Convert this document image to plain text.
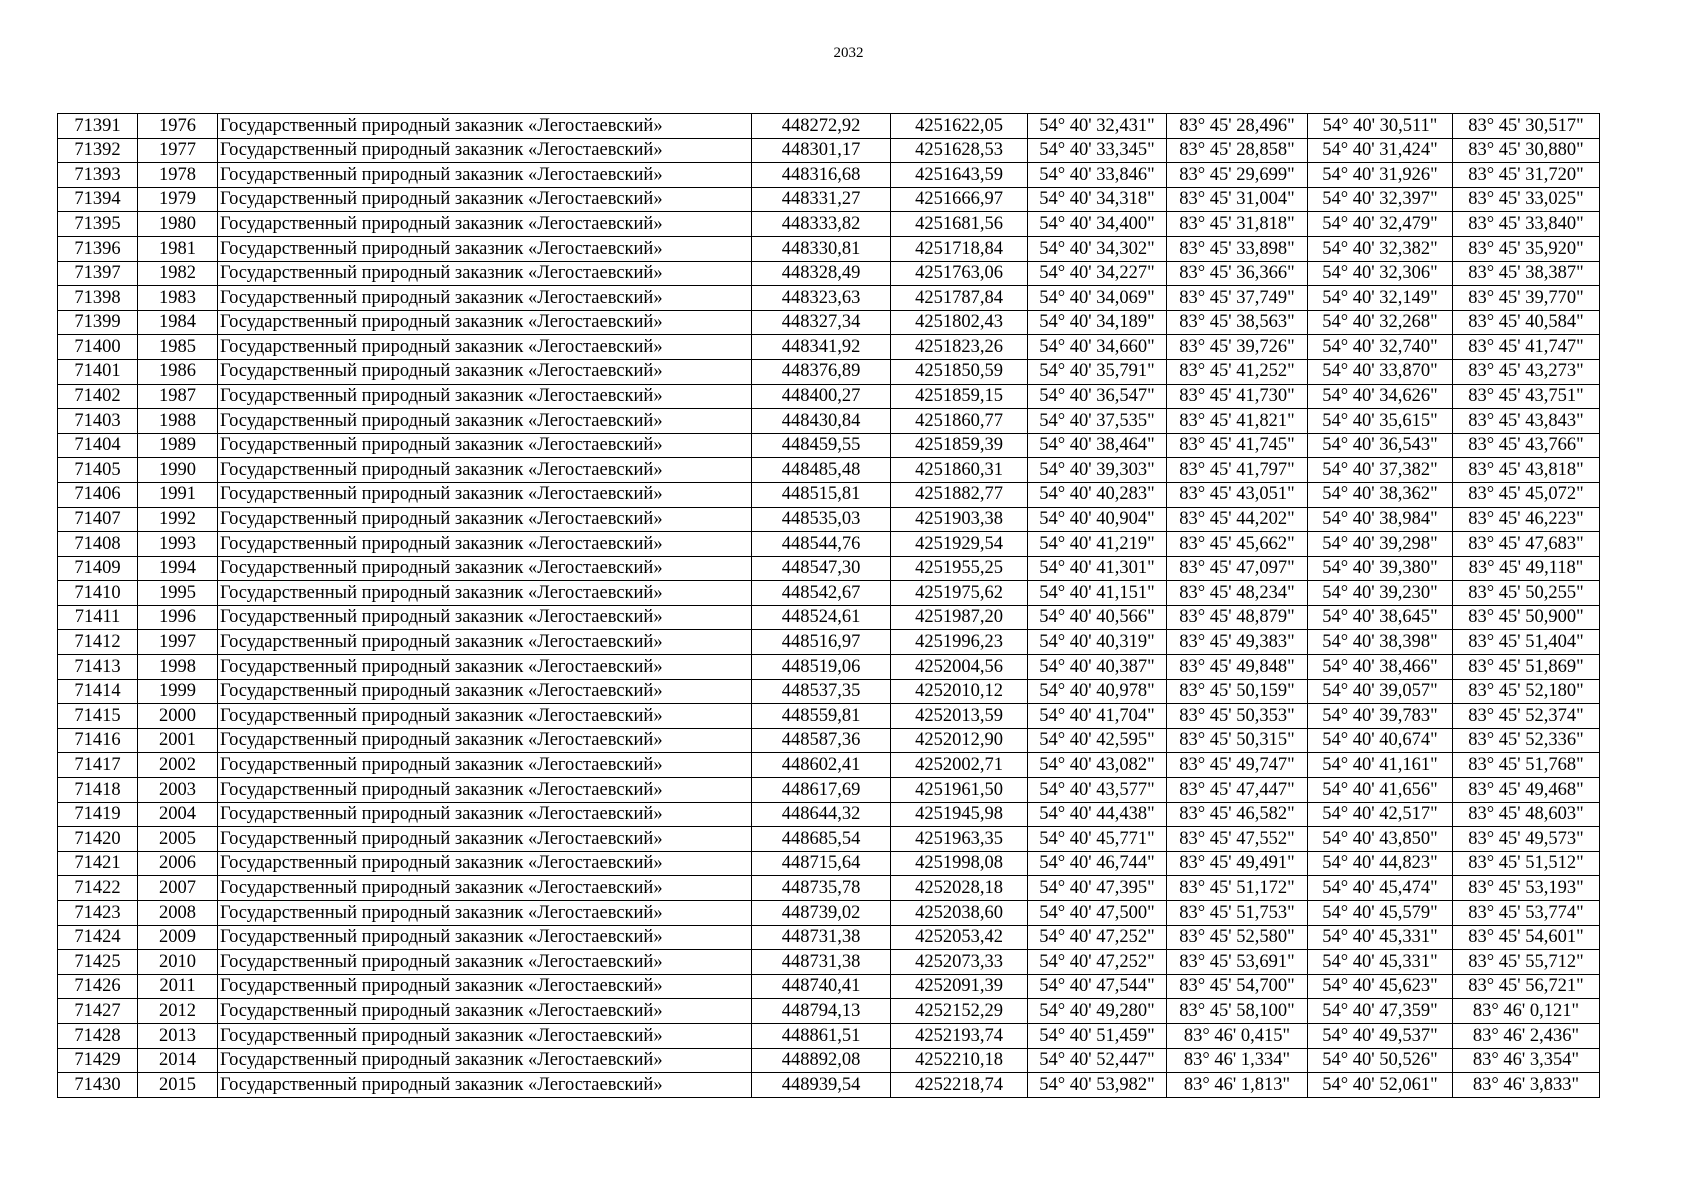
2032
71391	1976	Государственный природный заказник «Легостаевский»	448272,92	4251622,05	54° 40' 32,431"	83° 45' 28,496"	54° 40' 30,511"	83° 45' 30,517"
71392	1977	Государственный природный заказник «Легостаевский»	448301,17	4251628,53	54° 40' 33,345"	83° 45' 28,858"	54° 40' 31,424"	83° 45' 30,880"
71393	1978	Государственный природный заказник «Легостаевский»	448316,68	4251643,59	54° 40' 33,846"	83° 45' 29,699"	54° 40' 31,926"	83° 45' 31,720"
71394	1979	Государственный природный заказник «Легостаевский»	448331,27	4251666,97	54° 40' 34,318"	83° 45' 31,004"	54° 40' 32,397"	83° 45' 33,025"
71395	1980	Государственный природный заказник «Легостаевский»	448333,82	4251681,56	54° 40' 34,400"	83° 45' 31,818"	54° 40' 32,479"	83° 45' 33,840"
71396	1981	Государственный природный заказник «Легостаевский»	448330,81	4251718,84	54° 40' 34,302"	83° 45' 33,898"	54° 40' 32,382"	83° 45' 35,920"
71397	1982	Государственный природный заказник «Легостаевский»	448328,49	4251763,06	54° 40' 34,227"	83° 45' 36,366"	54° 40' 32,306"	83° 45' 38,387"
71398	1983	Государственный природный заказник «Легостаевский»	448323,63	4251787,84	54° 40' 34,069"	83° 45' 37,749"	54° 40' 32,149"	83° 45' 39,770"
71399	1984	Государственный природный заказник «Легостаевский»	448327,34	4251802,43	54° 40' 34,189"	83° 45' 38,563"	54° 40' 32,268"	83° 45' 40,584"
71400	1985	Государственный природный заказник «Легостаевский»	448341,92	4251823,26	54° 40' 34,660"	83° 45' 39,726"	54° 40' 32,740"	83° 45' 41,747"
71401	1986	Государственный природный заказник «Легостаевский»	448376,89	4251850,59	54° 40' 35,791"	83° 45' 41,252"	54° 40' 33,870"	83° 45' 43,273"
71402	1987	Государственный природный заказник «Легостаевский»	448400,27	4251859,15	54° 40' 36,547"	83° 45' 41,730"	54° 40' 34,626"	83° 45' 43,751"
71403	1988	Государственный природный заказник «Легостаевский»	448430,84	4251860,77	54° 40' 37,535"	83° 45' 41,821"	54° 40' 35,615"	83° 45' 43,843"
71404	1989	Государственный природный заказник «Легостаевский»	448459,55	4251859,39	54° 40' 38,464"	83° 45' 41,745"	54° 40' 36,543"	83° 45' 43,766"
71405	1990	Государственный природный заказник «Легостаевский»	448485,48	4251860,31	54° 40' 39,303"	83° 45' 41,797"	54° 40' 37,382"	83° 45' 43,818"
71406	1991	Государственный природный заказник «Легостаевский»	448515,81	4251882,77	54° 40' 40,283"	83° 45' 43,051"	54° 40' 38,362"	83° 45' 45,072"
71407	1992	Государственный природный заказник «Легостаевский»	448535,03	4251903,38	54° 40' 40,904"	83° 45' 44,202"	54° 40' 38,984"	83° 45' 46,223"
71408	1993	Государственный природный заказник «Легостаевский»	448544,76	4251929,54	54° 40' 41,219"	83° 45' 45,662"	54° 40' 39,298"	83° 45' 47,683"
71409	1994	Государственный природный заказник «Легостаевский»	448547,30	4251955,25	54° 40' 41,301"	83° 45' 47,097"	54° 40' 39,380"	83° 45' 49,118"
71410	1995	Государственный природный заказник «Легостаевский»	448542,67	4251975,62	54° 40' 41,151"	83° 45' 48,234"	54° 40' 39,230"	83° 45' 50,255"
71411	1996	Государственный природный заказник «Легостаевский»	448524,61	4251987,20	54° 40' 40,566"	83° 45' 48,879"	54° 40' 38,645"	83° 45' 50,900"
71412	1997	Государственный природный заказник «Легостаевский»	448516,97	4251996,23	54° 40' 40,319"	83° 45' 49,383"	54° 40' 38,398"	83° 45' 51,404"
71413	1998	Государственный природный заказник «Легостаевский»	448519,06	4252004,56	54° 40' 40,387"	83° 45' 49,848"	54° 40' 38,466"	83° 45' 51,869"
71414	1999	Государственный природный заказник «Легостаевский»	448537,35	4252010,12	54° 40' 40,978"	83° 45' 50,159"	54° 40' 39,057"	83° 45' 52,180"
71415	2000	Государственный природный заказник «Легостаевский»	448559,81	4252013,59	54° 40' 41,704"	83° 45' 50,353"	54° 40' 39,783"	83° 45' 52,374"
71416	2001	Государственный природный заказник «Легостаевский»	448587,36	4252012,90	54° 40' 42,595"	83° 45' 50,315"	54° 40' 40,674"	83° 45' 52,336"
71417	2002	Государственный природный заказник «Легостаевский»	448602,41	4252002,71	54° 40' 43,082"	83° 45' 49,747"	54° 40' 41,161"	83° 45' 51,768"
71418	2003	Государственный природный заказник «Легостаевский»	448617,69	4251961,50	54° 40' 43,577"	83° 45' 47,447"	54° 40' 41,656"	83° 45' 49,468"
71419	2004	Государственный природный заказник «Легостаевский»	448644,32	4251945,98	54° 40' 44,438"	83° 45' 46,582"	54° 40' 42,517"	83° 45' 48,603"
71420	2005	Государственный природный заказник «Легостаевский»	448685,54	4251963,35	54° 40' 45,771"	83° 45' 47,552"	54° 40' 43,850"	83° 45' 49,573"
71421	2006	Государственный природный заказник «Легостаевский»	448715,64	4251998,08	54° 40' 46,744"	83° 45' 49,491"	54° 40' 44,823"	83° 45' 51,512"
71422	2007	Государственный природный заказник «Легостаевский»	448735,78	4252028,18	54° 40' 47,395"	83° 45' 51,172"	54° 40' 45,474"	83° 45' 53,193"
71423	2008	Государственный природный заказник «Легостаевский»	448739,02	4252038,60	54° 40' 47,500"	83° 45' 51,753"	54° 40' 45,579"	83° 45' 53,774"
71424	2009	Государственный природный заказник «Легостаевский»	448731,38	4252053,42	54° 40' 47,252"	83° 45' 52,580"	54° 40' 45,331"	83° 45' 54,601"
71425	2010	Государственный природный заказник «Легостаевский»	448731,38	4252073,33	54° 40' 47,252"	83° 45' 53,691"	54° 40' 45,331"	83° 45' 55,712"
71426	2011	Государственный природный заказник «Легостаевский»	448740,41	4252091,39	54° 40' 47,544"	83° 45' 54,700"	54° 40' 45,623"	83° 45' 56,721"
71427	2012	Государственный природный заказник «Легостаевский»	448794,13	4252152,29	54° 40' 49,280"	83° 45' 58,100"	54° 40' 47,359"	83° 46' 0,121"
71428	2013	Государственный природный заказник «Легостаевский»	448861,51	4252193,74	54° 40' 51,459"	83° 46' 0,415"	54° 40' 49,537"	83° 46' 2,436"
71429	2014	Государственный природный заказник «Легостаевский»	448892,08	4252210,18	54° 40' 52,447"	83° 46' 1,334"	54° 40' 50,526"	83° 46' 3,354"
71430	2015	Государственный природный заказник «Легостаевский»	448939,54	4252218,74	54° 40' 53,982"	83° 46' 1,813"	54° 40' 52,061"	83° 46' 3,833"
